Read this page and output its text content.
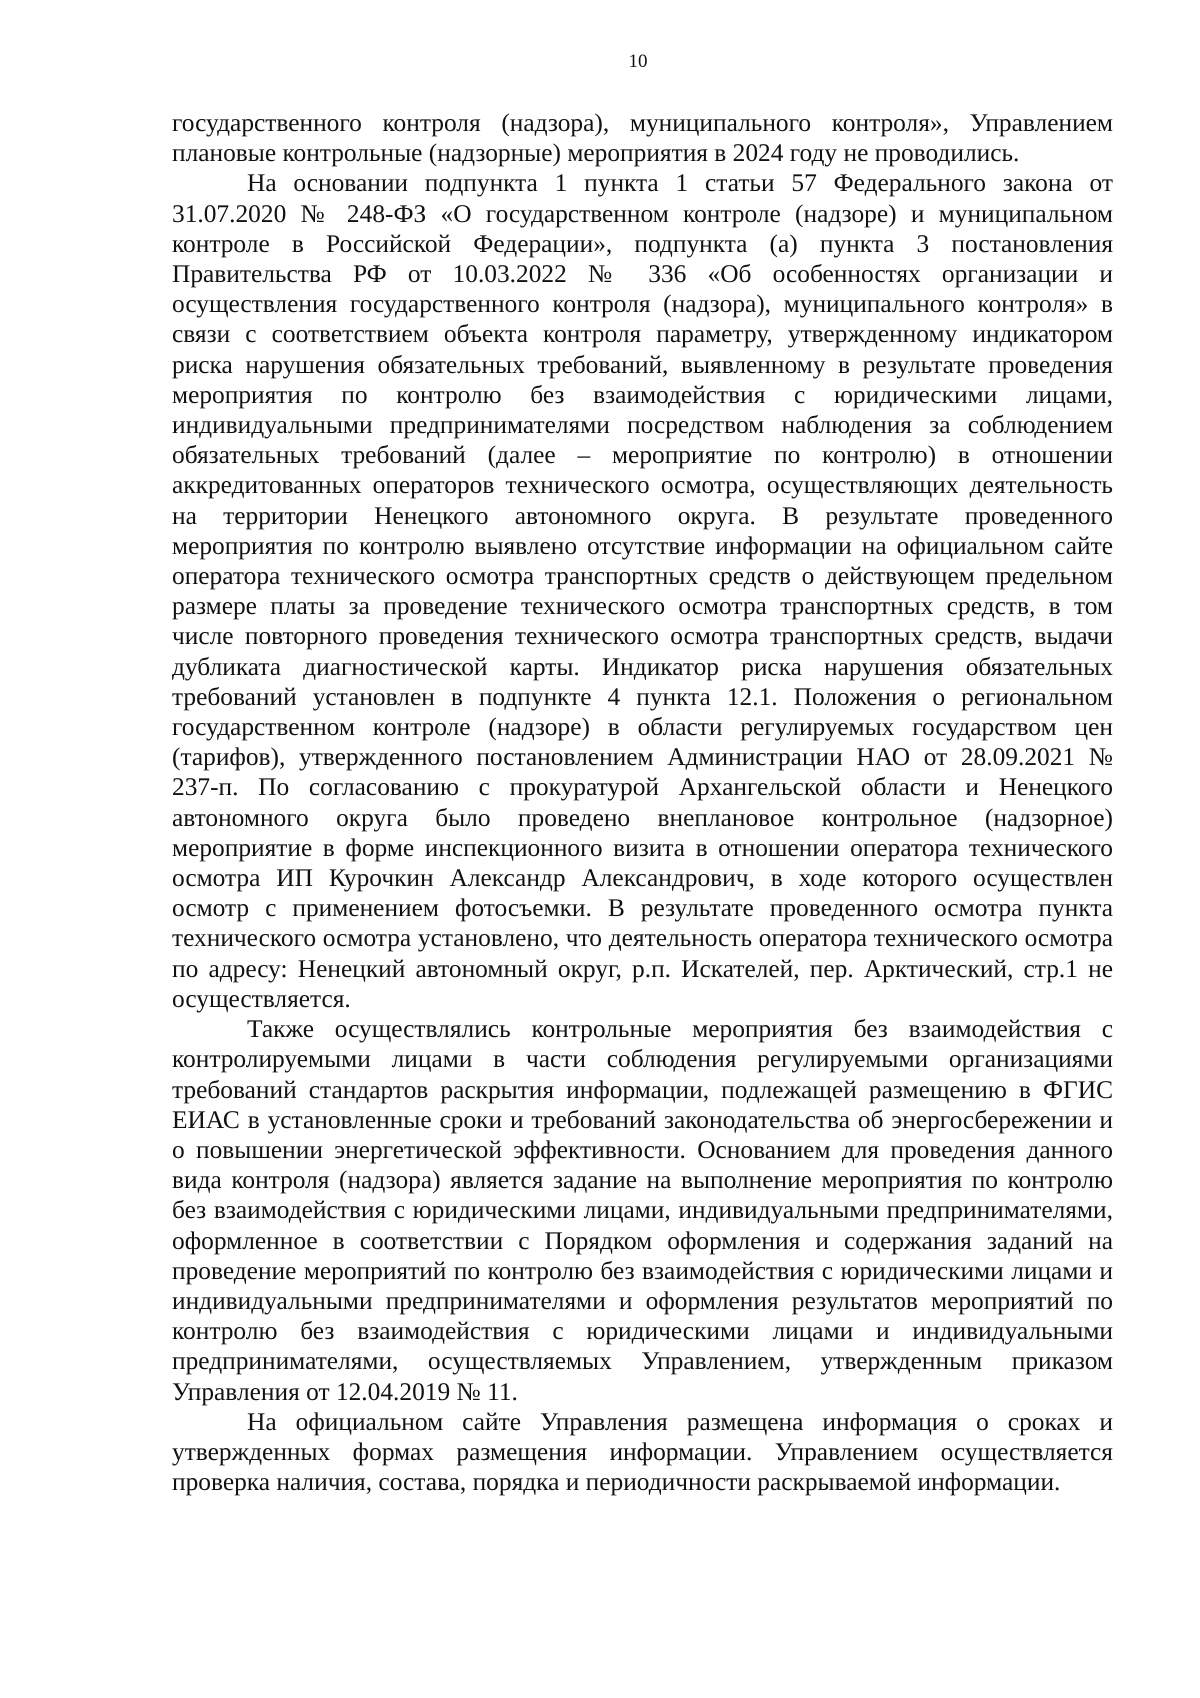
10

государственного контроля (надзора), муниципального контроля», Управлением плановые контрольные (надзорные) мероприятия в 2024 году не проводились.

На основании подпункта 1 пункта 1 статьи 57 Федерального закона от 31.07.2020 № 248-ФЗ «О государственном контроле (надзоре) и муниципальном контроле в Российской Федерации», подпункта (а) пункта 3 постановления Правительства РФ от 10.03.2022 № 336 «Об особенностях организации и осуществления государственного контроля (надзора), муниципального контроля» в связи с соответствием объекта контроля параметру, утвержденному индикатором риска нарушения обязательных требований, выявленному в результате проведения мероприятия по контролю без взаимодействия с юридическими лицами, индивидуальными предпринимателями посредством наблюдения за соблюдением обязательных требований (далее – мероприятие по контролю) в отношении аккредитованных операторов технического осмотра, осуществляющих деятельность на территории Ненецкого автономного округа. В результате проведенного мероприятия по контролю выявлено отсутствие информации на официальном сайте оператора технического осмотра транспортных средств о действующем предельном размере платы за проведение технического осмотра транспортных средств, в том числе повторного проведения технического осмотра транспортных средств, выдачи дубликата диагностической карты. Индикатор риска нарушения обязательных требований установлен в подпункте 4 пункта 12.1. Положения о региональном государственном контроле (надзоре) в области регулируемых государством цен (тарифов), утвержденного постановлением Администрации НАО от 28.09.2021 № 237-п. По согласованию с прокуратурой Архангельской области и Ненецкого автономного округа было проведено внеплановое контрольное (надзорное) мероприятие в форме инспекционного визита в отношении оператора технического осмотра ИП Курочкин Александр Александрович, в ходе которого осуществлен осмотр с применением фотосъемки. В результате проведенного осмотра пункта технического осмотра установлено, что деятельность оператора технического осмотра по адресу: Ненецкий автономный округ, р.п. Искателей, пер. Арктический, стр.1 не осуществляется.

Также осуществлялись контрольные мероприятия без взаимодействия с контролируемыми лицами в части соблюдения регулируемыми организациями требований стандартов раскрытия информации, подлежащей размещению в ФГИС ЕИАС в установленные сроки и требований законодательства об энергосбережении и о повышении энергетической эффективности. Основанием для проведения данного вида контроля (надзора) является задание на выполнение мероприятия по контролю без взаимодействия с юридическими лицами, индивидуальными предпринимателями, оформленное в соответствии с Порядком оформления и содержания заданий на проведение мероприятий по контролю без взаимодействия с юридическими лицами и индивидуальными предпринимателями и оформления результатов мероприятий по контролю без взаимодействия с юридическими лицами и индивидуальными предпринимателями, осуществляемых Управлением, утвержденным приказом Управления от 12.04.2019 № 11.

На официальном сайте Управления размещена информация о сроках и утвержденных формах размещения информации. Управлением осуществляется проверка наличия, состава, порядка и периодичности раскрываемой информации.
